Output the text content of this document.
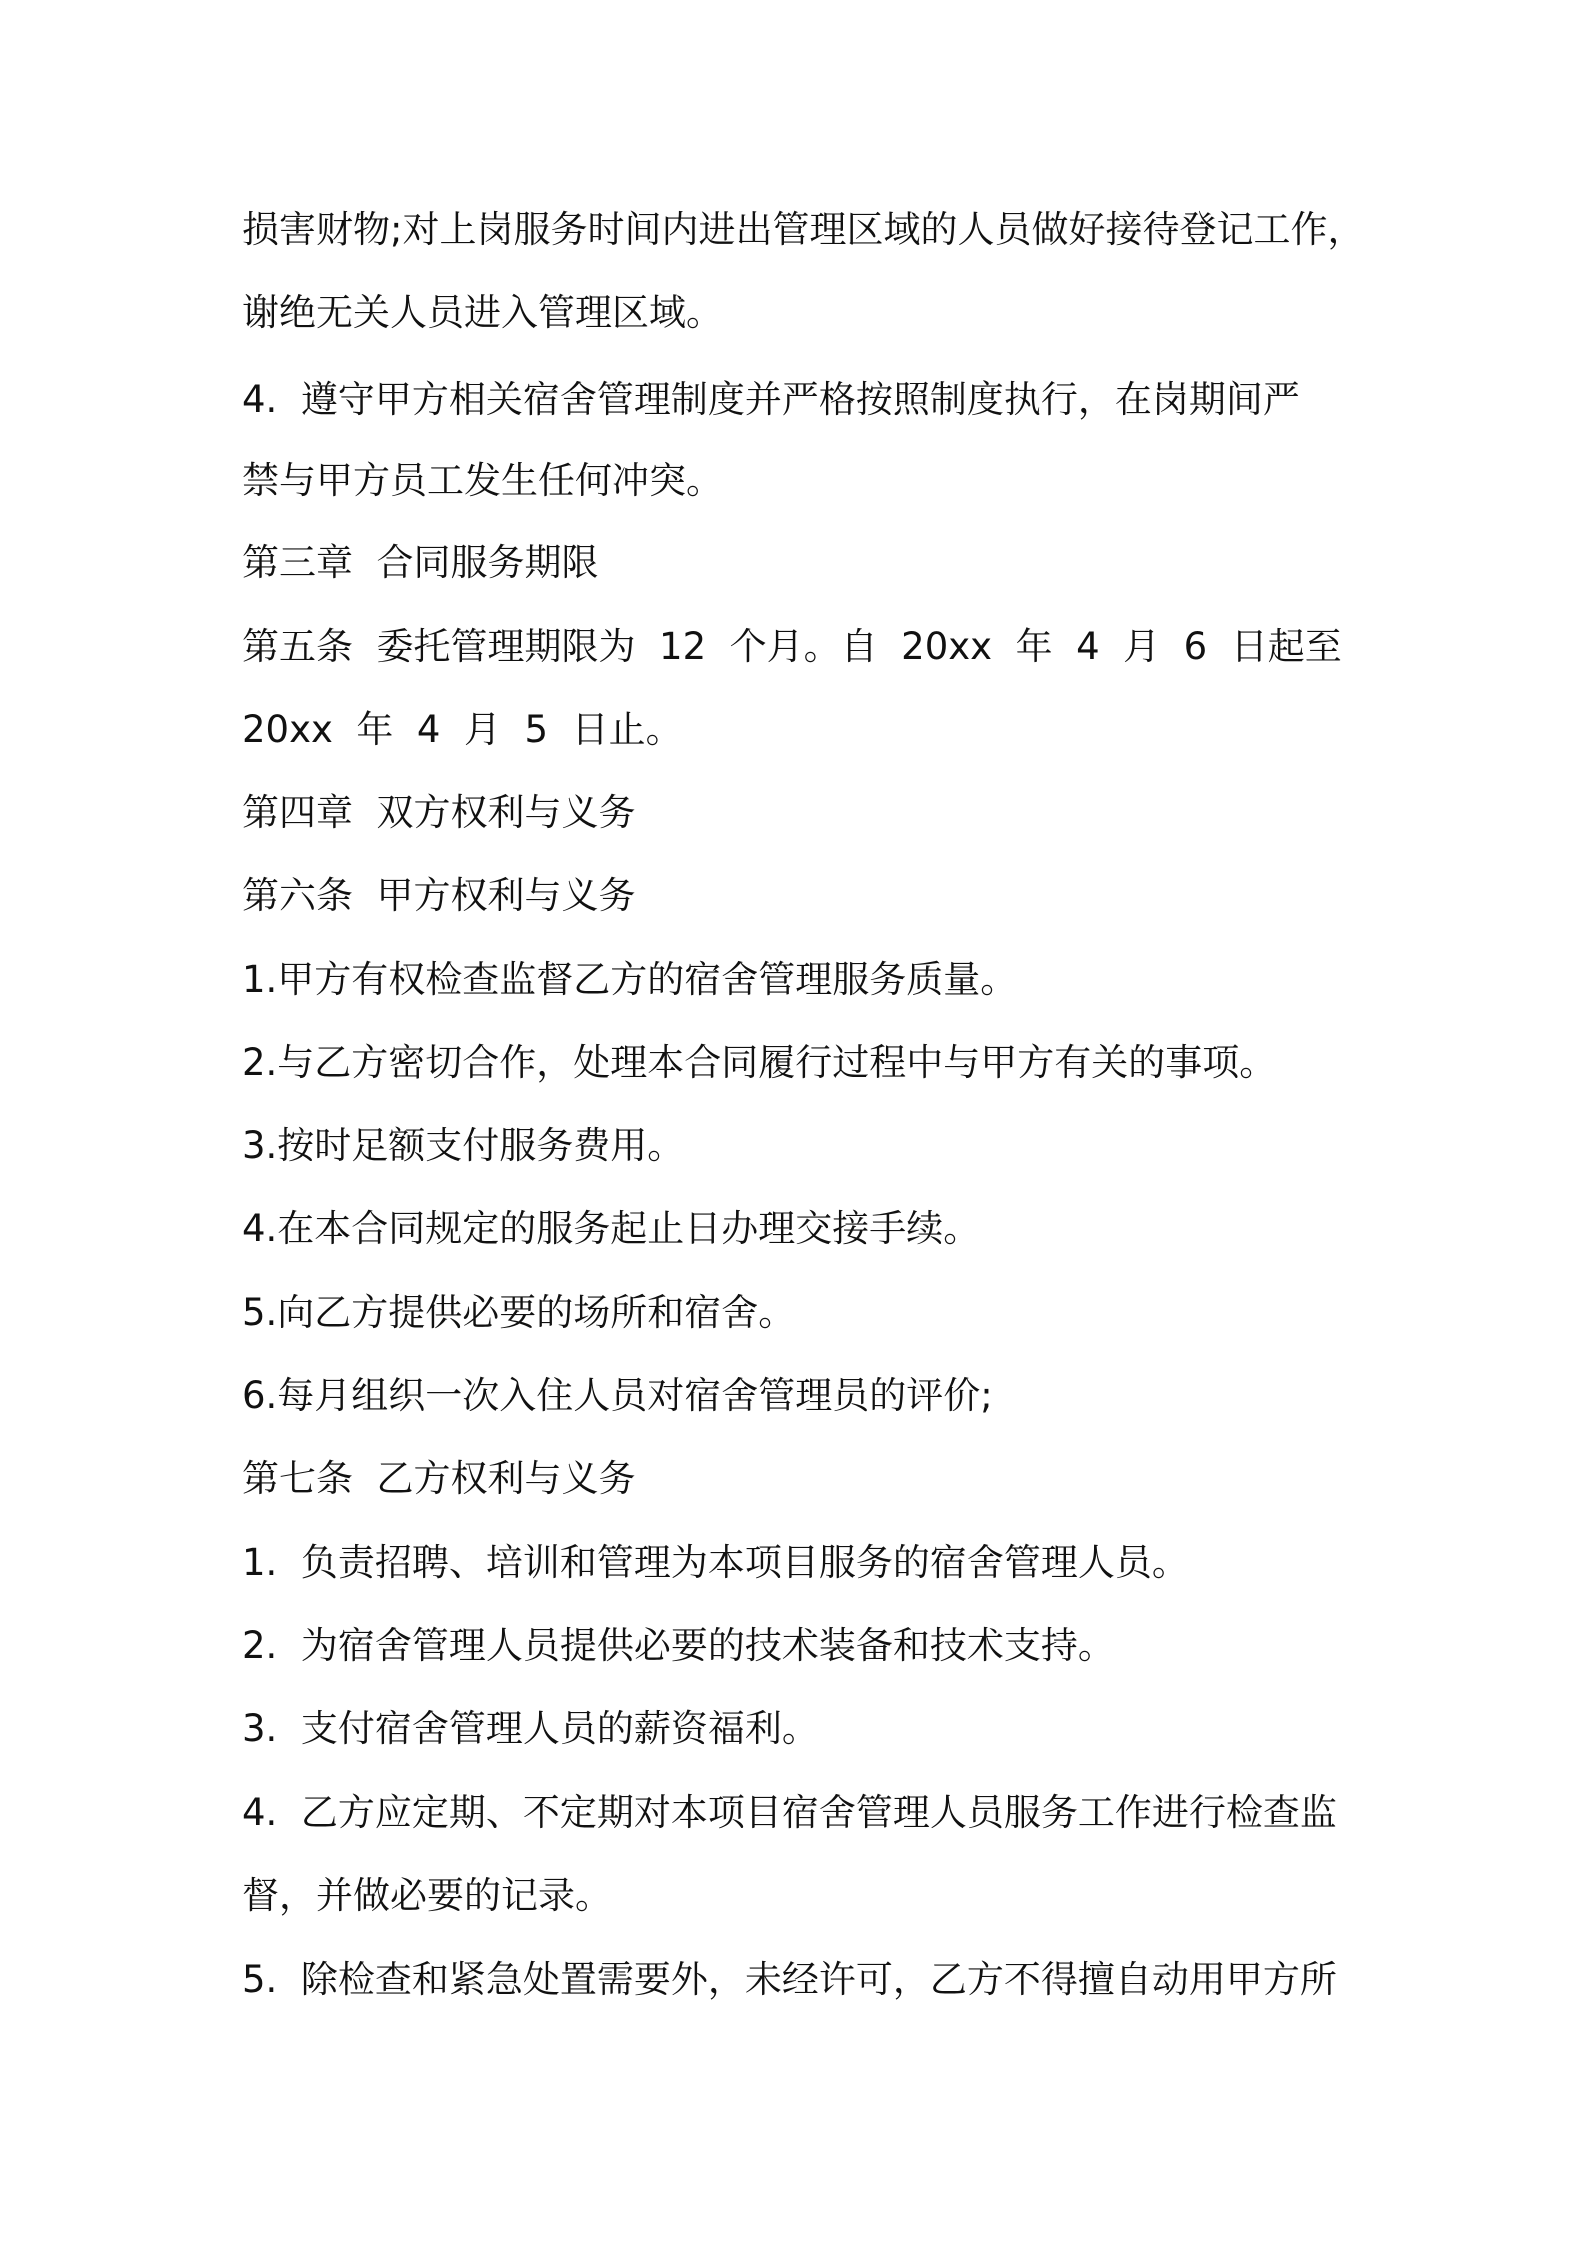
损害财物;对上岗服务时间内进出管理区域的人员做好接待登记工作，

谢绝无关人员进入管理区域。

4.  遵守甲方相关宿舍管理制度并严格按照制度执行，在岗期间严

禁与甲方员工发生任何冲突。

第三章  合同服务期限

第五条  委托管理期限为  12  个月。自  20xx  年  4  月  6  日起至

20xx  年  4  月  5  日止。

第四章  双方权利与义务

第六条  甲方权利与义务

1.甲方有权检查监督乙方的宿舍管理服务质量。

2.与乙方密切合作，处理本合同履行过程中与甲方有关的事项。

3.按时足额支付服务费用。

4.在本合同规定的服务起止日办理交接手续。

5.向乙方提供必要的场所和宿舍。

6.每月组织一次入住人员对宿舍管理员的评价;

第七条  乙方权利与义务

1.  负责招聘、培训和管理为本项目服务的宿舍管理人员。

2.  为宿舍管理人员提供必要的技术装备和技术支持。

3.  支付宿舍管理人员的薪资福利。

4.  乙方应定期、不定期对本项目宿舍管理人员服务工作进行检查监

督，并做必要的记录。

5.  除检查和紧急处置需要外，未经许可，乙方不得擅自动用甲方所
